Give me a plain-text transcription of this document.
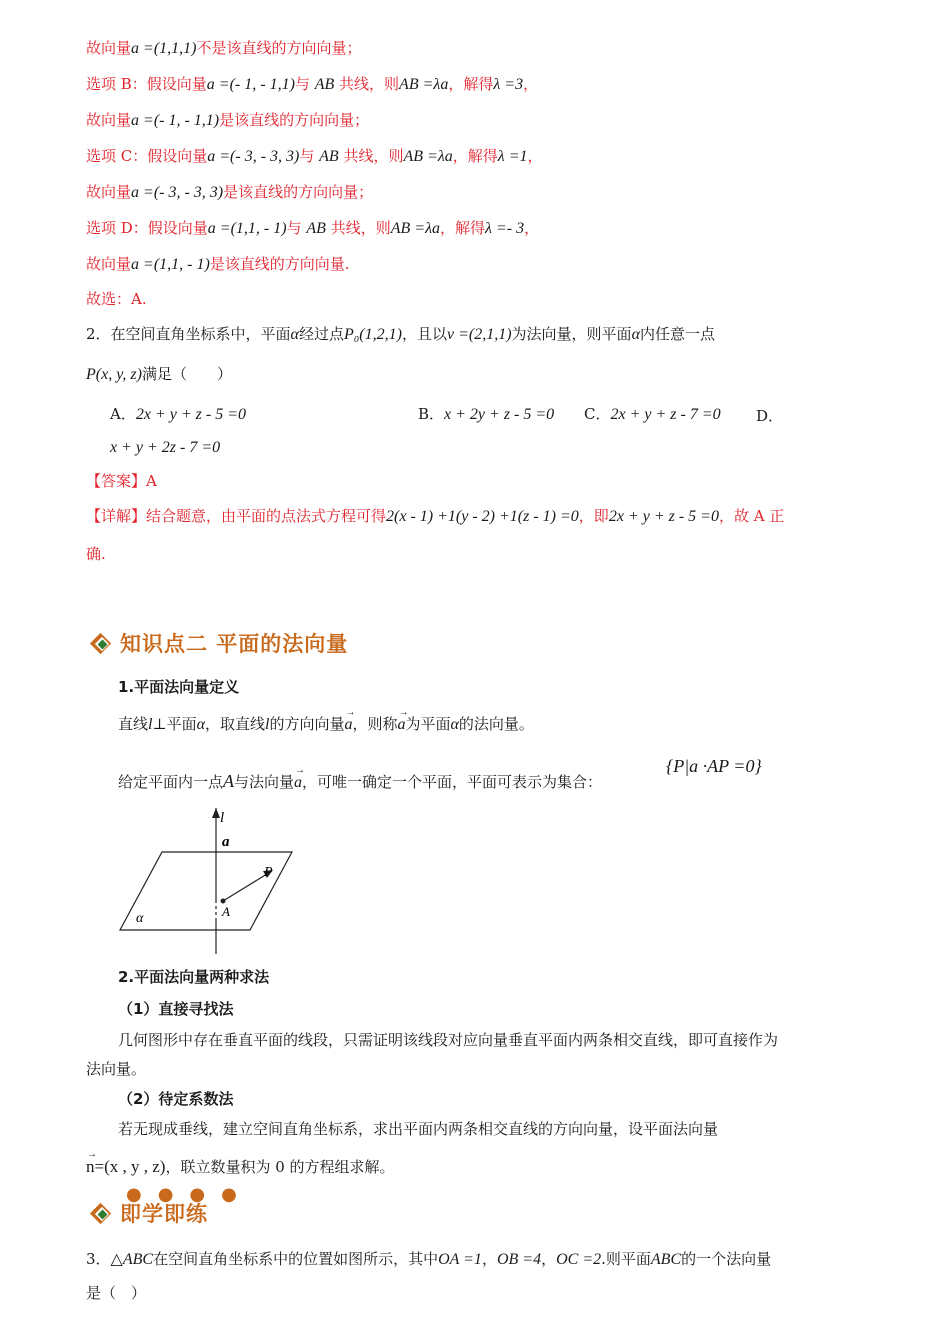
故向量a =(1,1,1)不是该直线的方向向量；
选项 B：假设向量a =(- 1, - 1,1)与 AB 共线，则AB =λa，解得λ =3，
故向量a =(- 1, - 1,1)是该直线的方向向量；
选项 C：假设向量a =(- 3, - 3, 3)与 AB 共线，则AB =λa，解得λ =1，
故向量a =(- 3, - 3, 3)是该直线的方向向量；
选项 D：假设向量a =(1,1, - 1)与 AB 共线，则AB =λa，解得λ =- 3，
故向量a =(1,1, - 1)是该直线的方向向量.
故选：A.
2．在空间直角坐标系中，平面α经过点P₀(1,2,1)，且以v =(2,1,1)为法向量，则平面α内任意一点
P(x, y, z)满足（　　）
A．2x + y + z - 5 =0	B．x + 2y + z - 5 =0 C．2x + y + z - 7 =0 D．
x + y + 2z - 7 =0
【答案】A
【详解】结合题意，由平面的点法式方程可得2(x - 1) +1(y - 2) +1(z - 1) =0，即2x + y + z - 5 =0，故 A 正
确.
知识点二 平面的法向量
1.平面法向量定义
直线l⊥平面α，取直线l的方向向量
→
a，则称
→
a为平面α的法向量。
给定平面内一点A与法向量
→
a，可唯一确定一个平面，平面可表示为集合：
{P|a ·AP =0}
l
a
P
A
α
2.平面法向量两种求法
（1）直接寻找法
几何图形中存在垂直平面的线段，只需证明该线段对应向量垂直平面内两条相交直线，即可直接作为
法向量。
（2）待定系数法
若无现成垂线，建立空间直角坐标系，求出平面内两条相交直线的方向向量，设平面法向量
→
n=(x , y , z)，联立数量积为 0 的方程组求解。
●●●●
即学即练
3．△ABC在空间直角坐标系中的位置如图所示，其中OA =1，OB =4，OC =2.则平面ABC的一个法向量
是（　）
